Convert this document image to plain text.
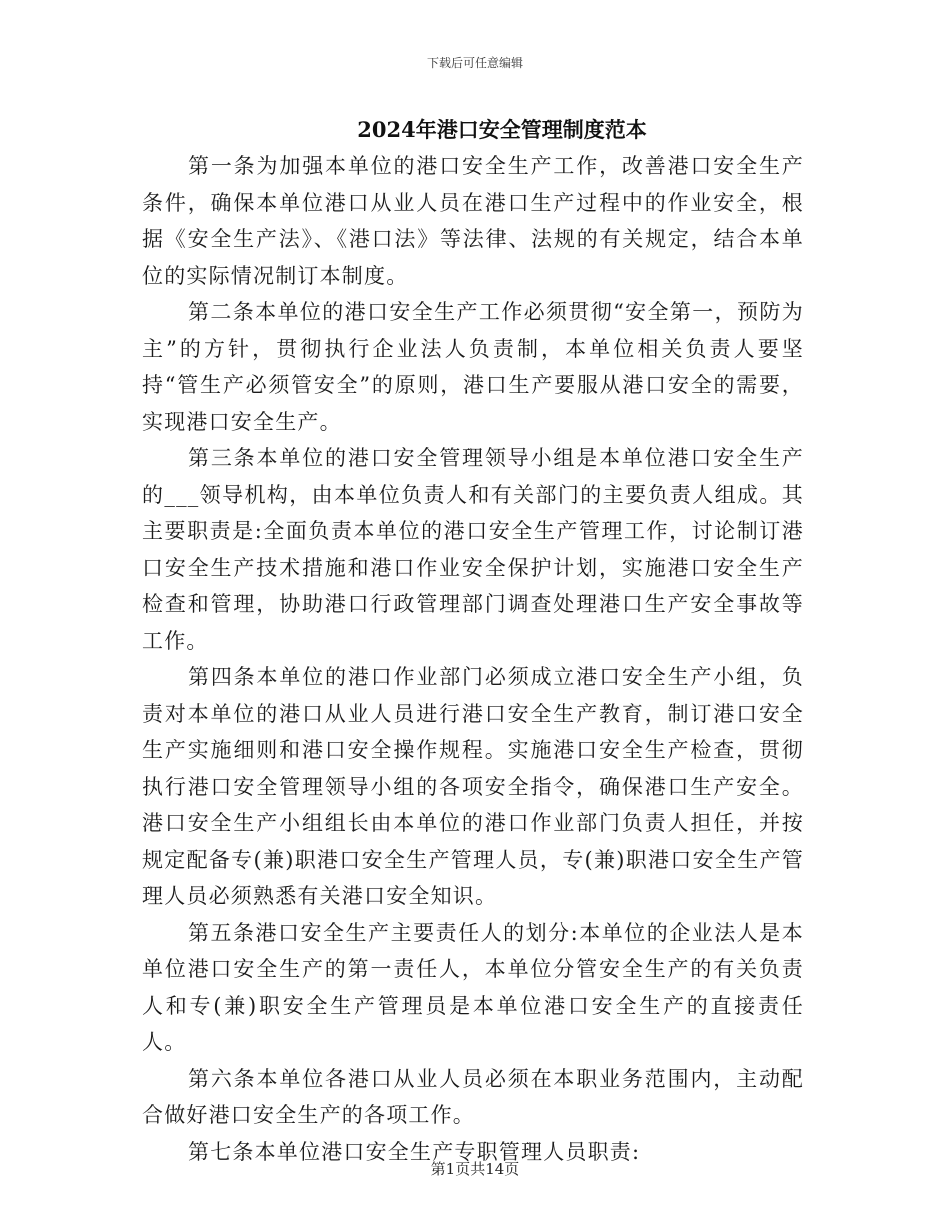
下载后可任意编辑
2024年港口安全管理制度范本

第一条为加强本单位的港口安全生产工作，改善港口安全生产条件，确保本单位港口从业人员在港口生产过程中的作业安全，根据《安全生产法》、《港口法》等法律、法规的有关规定，结合本单位的实际情况制订本制度。

第二条本单位的港口安全生产工作必须贯彻“安全第一，预防为主”的方针，贯彻执行企业法人负责制，本单位相关负责人要坚持“管生产必须管安全”的原则，港口生产要服从港口安全的需要，实现港口安全生产。

第三条本单位的港口安全管理领导小组是本单位港口安全生产的___领导机构，由本单位负责人和有关部门的主要负责人组成。其主要职责是:全面负责本单位的港口安全生产管理工作，讨论制订港口安全生产技术措施和港口作业安全保护计划，实施港口安全生产检查和管理，协助港口行政管理部门调查处理港口生产安全事故等工作。

第四条本单位的港口作业部门必须成立港口安全生产小组，负责对本单位的港口从业人员进行港口安全生产教育，制订港口安全生产实施细则和港口安全操作规程。实施港口安全生产检查，贯彻执行港口安全管理领导小组的各项安全指令，确保港口生产安全。港口安全生产小组组长由本单位的港口作业部门负责人担任，并按规定配备专(兼)职港口安全生产管理人员，专(兼)职港口安全生产管理人员必须熟悉有关港口安全知识。

第五条港口安全生产主要责任人的划分:本单位的企业法人是本单位港口安全生产的第一责任人，本单位分管安全生产的有关负责人和专(兼)职安全生产管理员是本单位港口安全生产的直接责任人。

第六条本单位各港口从业人员必须在本职业务范围内，主动配合做好港口安全生产的各项工作。

第七条本单位港口安全生产专职管理人员职责:

第1页共14页
